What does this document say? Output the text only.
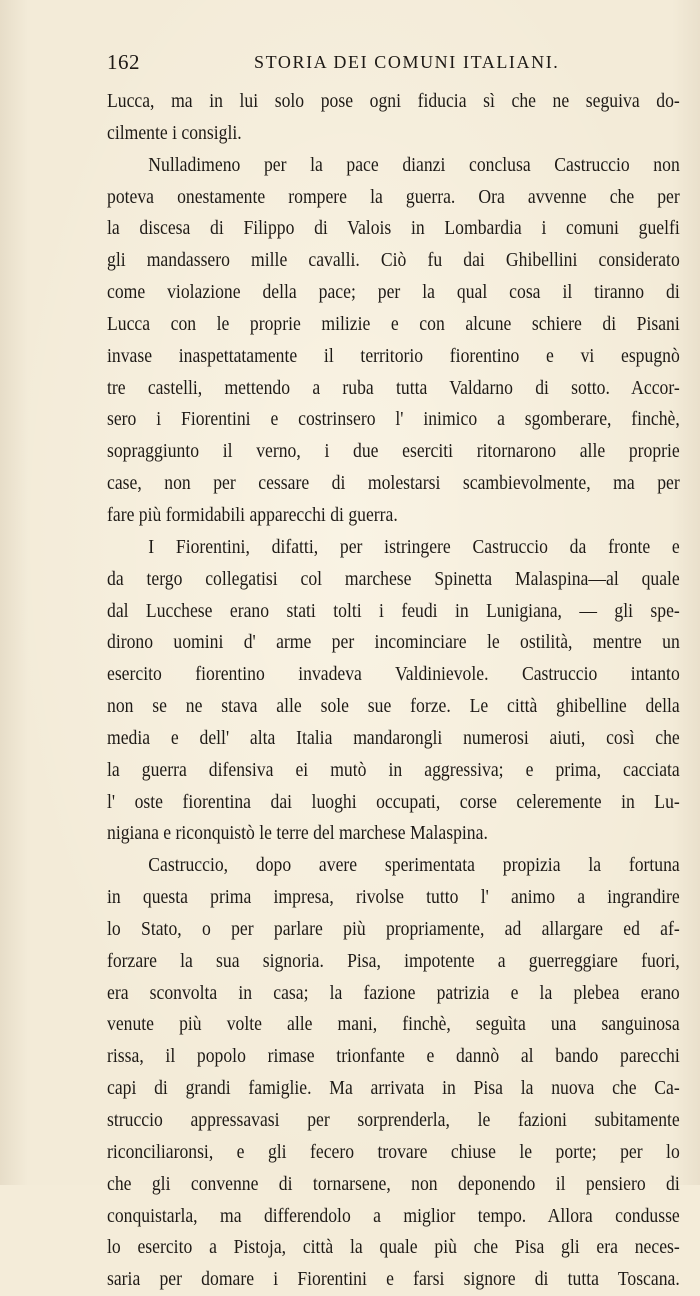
162	STORIA DEI COMUNI ITALIANI.
Lucca, ma in lui solo pose ogni fiducia sì che ne seguiva do-
cilmente i consigli.
Nulladimeno per la pace dianzi conclusa Castruccio non
poteva onestamente rompere la guerra. Ora avvenne che per
la discesa di Filippo di Valois in Lombardia i comuni guelfi
gli mandassero mille cavalli. Ciò fu dai Ghibellini considerato
come violazione della pace; per la qual cosa il tiranno di
Lucca con le proprie milizie e con alcune schiere di Pisani
invase inaspettatamente il territorio fiorentino e vi espugnò
tre castelli, mettendo a ruba tutta Valdarno di sotto. Accor-
sero i Fiorentini e costrinsero l' inimico a sgomberare, finchè,
sopraggiunto il verno, i due eserciti ritornarono alle proprie
case, non per cessare di molestarsi scambievolmente, ma per
fare più formidabili apparecchi di guerra.
I Fiorentini, difatti, per istringere Castruccio da fronte e
da tergo collegatisi col marchese Spinetta Malaspina—al quale
dal Lucchese erano stati tolti i feudi in Lunigiana, — gli spe-
dirono uomini d' arme per incominciare le ostilità, mentre un
esercito fiorentino invadeva Valdinievole. Castruccio intanto
non se ne stava alle sole sue forze. Le città ghibelline della
media e dell' alta Italia mandarongli numerosi aiuti, così che
la guerra difensiva ei mutò in aggressiva; e prima, cacciata
l' oste fiorentina dai luoghi occupati, corse celeremente in Lu-
nigiana e riconquistò le terre del marchese Malaspina.
Castruccio, dopo avere sperimentata propizia la fortuna
in questa prima impresa, rivolse tutto l' animo a ingrandire
lo Stato, o per parlare più propriamente, ad allargare ed af-
forzare la sua signoria. Pisa, impotente a guerreggiare fuori,
era sconvolta in casa; la fazione patrizia e la plebea erano
venute più volte alle mani, finchè, seguìta una sanguinosa
rissa, il popolo rimase trionfante e dannò al bando parecchi
capi di grandi famiglie. Ma arrivata in Pisa la nuova che Ca-
struccio appressavasi per sorprenderla, le fazioni subitamente
riconciliaronsi, e gli fecero trovare chiuse le porte; per lo
che gli convenne di tornarsene, non deponendo il pensiero di
conquistarla, ma differendolo a miglior tempo. Allora condusse
lo esercito a Pistoja, città la quale più che Pisa gli era neces-
saria per domare i Fiorentini e farsi signore di tutta Toscana.
